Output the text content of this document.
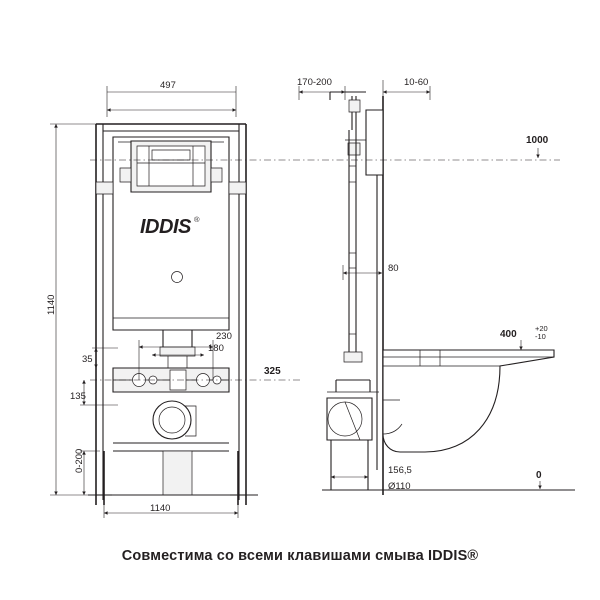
IDDIS ®
497	170-200	10-60
1000
1140
80
230
180
35
135
325
0-200
1140
400
+20
-10
156,5
Ø110
0
Совместима со всеми клавишами смыва IDDIS®
